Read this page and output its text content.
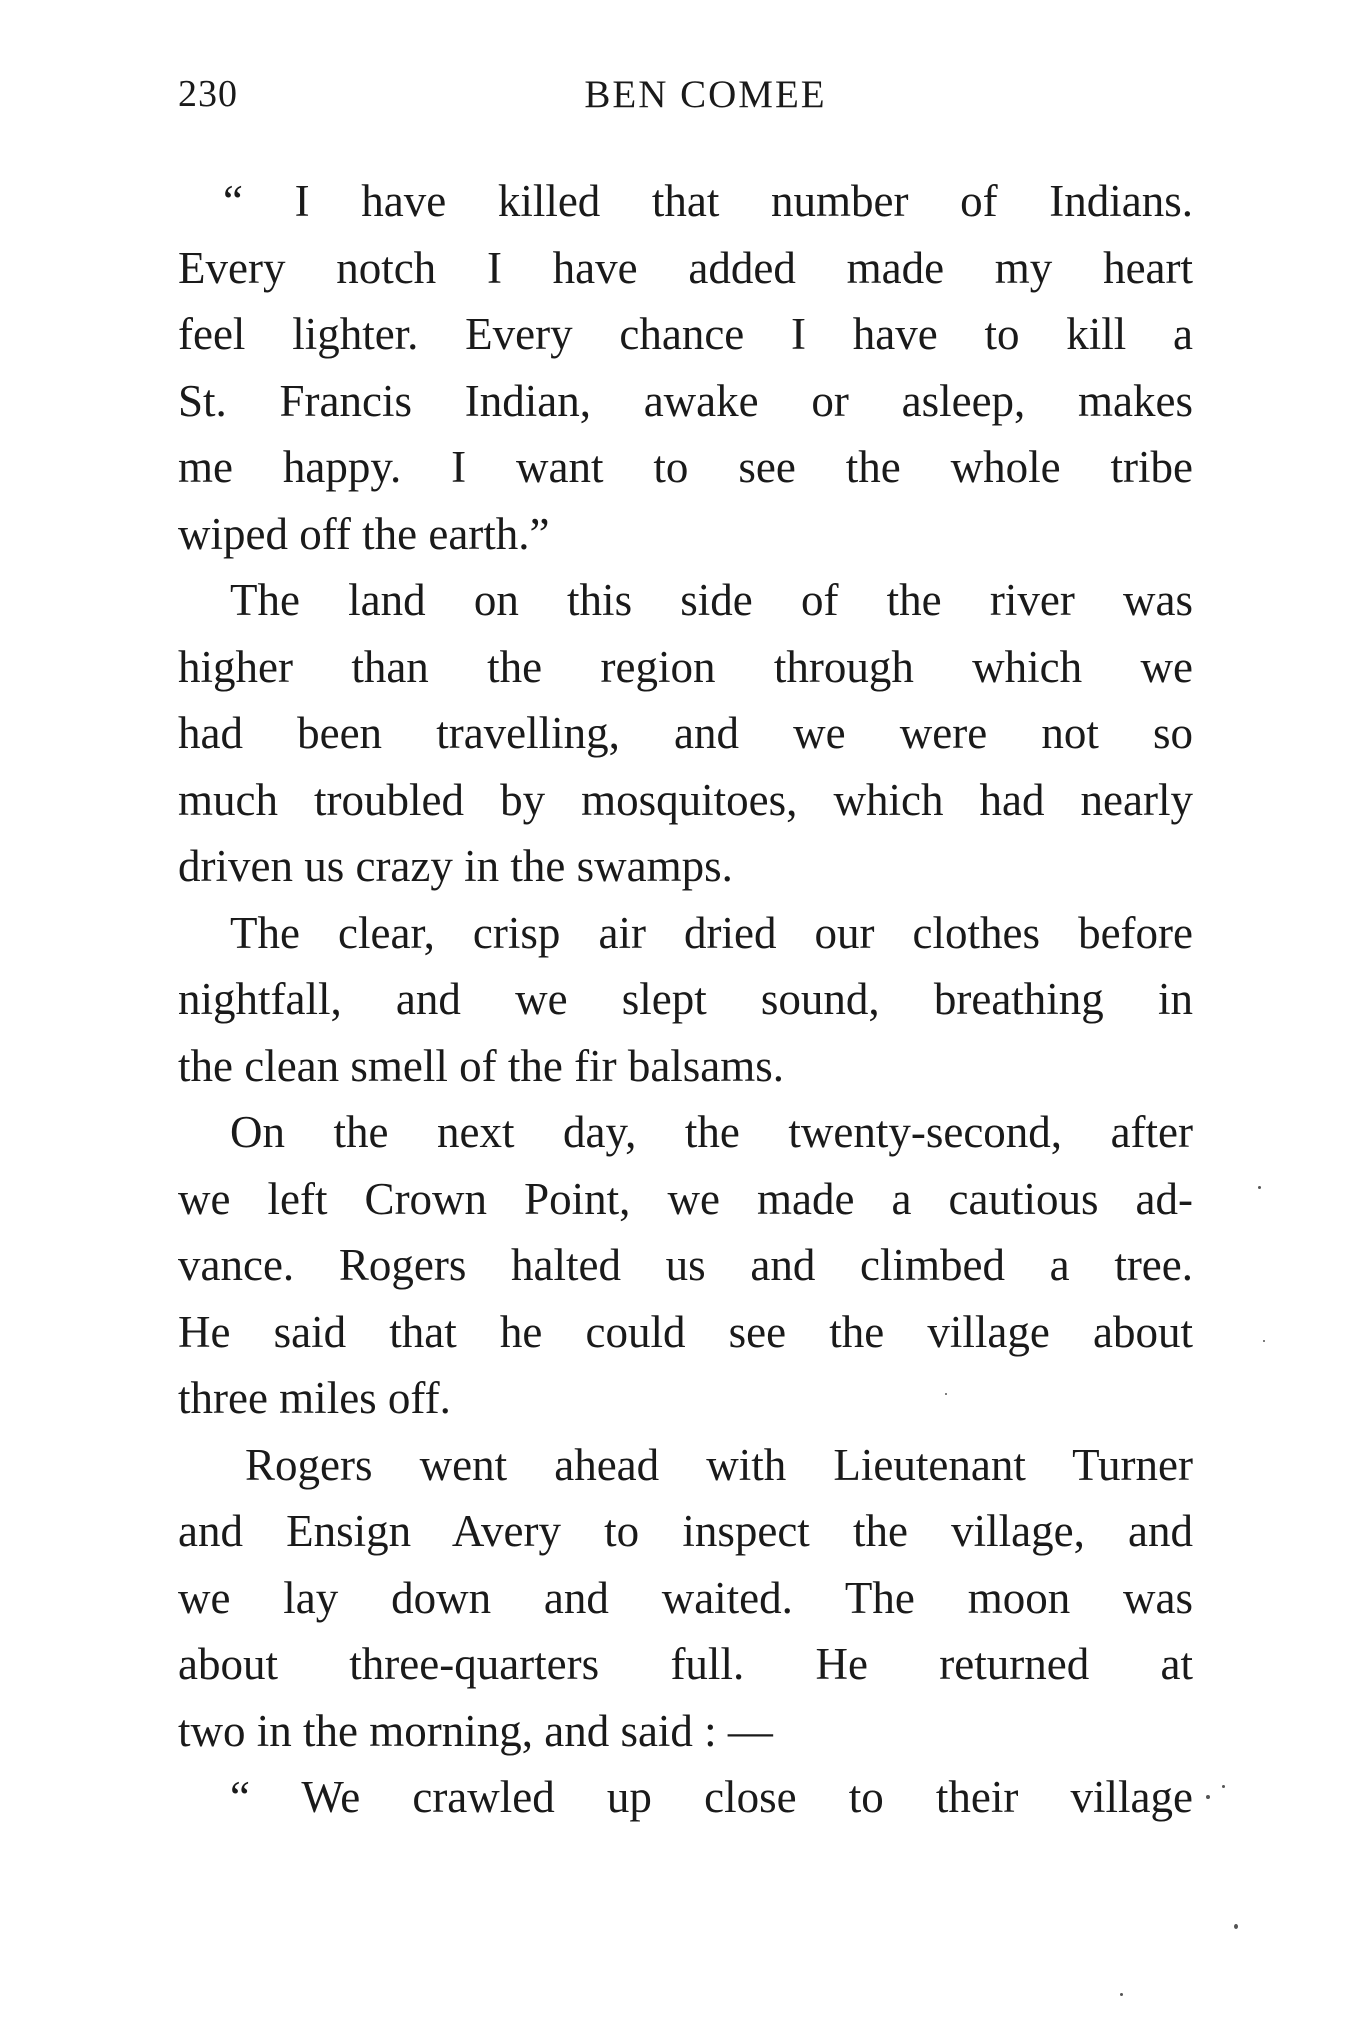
230	BEN COMEE
“ I have killed that number of Indians.
Every notch I have added made my heart
feel lighter. Every chance I have to kill a
St. Francis Indian, awake or asleep, makes
me happy. I want to see the whole tribe
wiped off the earth.”
The land on this side of the river was
higher than the region through which we
had been travelling, and we were not so
much troubled by mosquitoes, which had nearly
driven us crazy in the swamps.
The clear, crisp air dried our clothes before
nightfall, and we slept sound, breathing in
the clean smell of the fir balsams.
On the next day, the twenty-second, after
we left Crown Point, we made a cautious ad-
vance. Rogers halted us and climbed a tree.
He said that he could see the village about
three miles off.
Rogers went ahead with Lieutenant Turner
and Ensign Avery to inspect the village, and
we lay down and waited. The moon was
about three-quarters full. He returned at
two in the morning, and said : —
“ We crawled up close to their village
